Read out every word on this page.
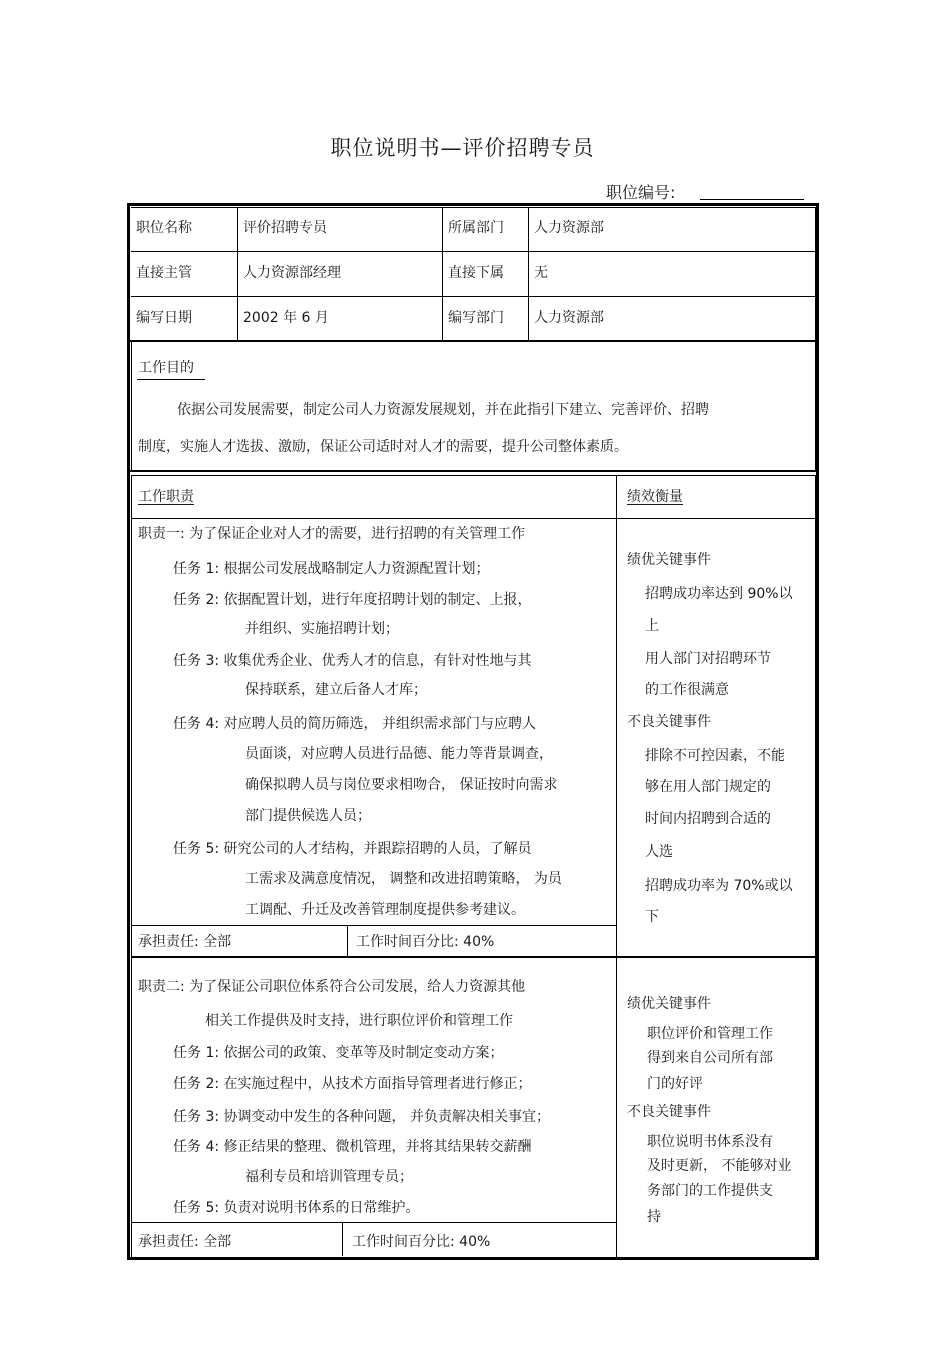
职位说明书—评价招聘专员
职位编号:
职位名称	评价招聘专员	所属部门 人力资源部
直接主管	人力资源部经理	直接下属 无
编写日期	2002 年 6 月	编写部门 人力资源部
工作目的
依据公司发展需要，制定公司人力资源发展规划，并在此指引下建立、完善评价、招聘
制度，实施人才选拔、激励，保证公司适时对人才的需要，提升公司整体素质。
工作职责	绩效衡量
职责一: 为了保证企业对人才的需要，进行招聘的有关管理工作
任务 1: 根据公司发展战略制定人力资源配置计划；
任务 2: 依据配置计划，进行年度招聘计划的制定、上报，
并组织、实施招聘计划；
任务 3: 收集优秀企业、优秀人才的信息，有针对性地与其
保持联系，建立后备人才库；
任务 4: 对应聘人员的简历筛选， 并组织需求部门与应聘人
员面谈，对应聘人员进行品德、能力等背景调查，
确保拟聘人员与岗位要求相吻合， 保证按时向需求
部门提供候选人员；
任务 5: 研究公司的人才结构，并跟踪招聘的人员，了解员
工需求及满意度情况， 调整和改进招聘策略， 为员
工调配、升迁及改善管理制度提供参考建议。
承担责任: 全部	工作时间百分比: 40%
绩优关键事件
招聘成功率达到 90%以
上
用人部门对招聘环节
的工作很满意
不良关键事件
排除不可控因素，不能
够在用人部门规定的
时间内招聘到合适的
人选
招聘成功率为 70%或以
下
职责二: 为了保证公司职位体系符合公司发展，给人力资源其他
相关工作提供及时支持，进行职位评价和管理工作
任务 1: 依据公司的政策、变革等及时制定变动方案；
任务 2: 在实施过程中，从技术方面指导管理者进行修正；
任务 3: 协调变动中发生的各种问题， 并负责解决相关事宜；
任务 4: 修正结果的整理、微机管理，并将其结果转交薪酬
福利专员和培训管理专员；
任务 5: 负责对说明书体系的日常维护。
承担责任: 全部	工作时间百分比: 40%
绩优关键事件
职位评价和管理工作
得到来自公司所有部
门的好评
不良关键事件
职位说明书体系没有
及时更新， 不能够对业
务部门的工作提供支
持
